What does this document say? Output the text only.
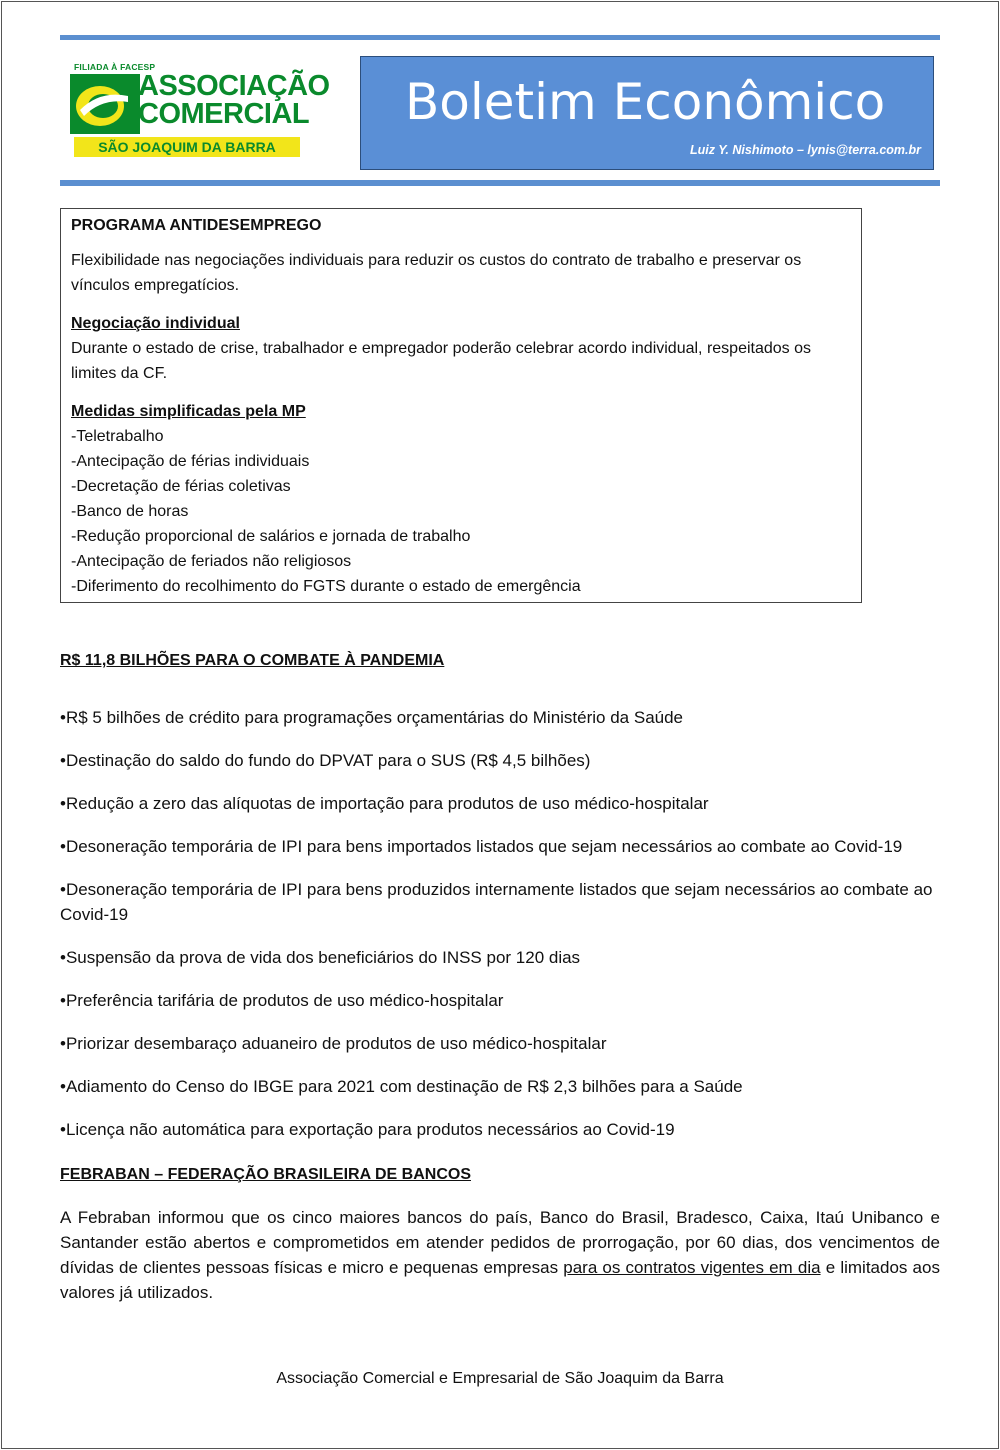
FILIADA À FACESP
ASSOCIAÇÃO
COMERCIAL
SÃO JOAQUIM DA BARRA
Boletim Econômico
Luiz Y. Nishimoto – lynis@terra.com.br

PROGRAMA ANTIDESEMPREGO

Flexibilidade nas negociações individuais para reduzir os custos do contrato de trabalho e preservar os vínculos empregatícios.

Negociação individual

Durante o estado de crise, trabalhador e empregador poderão celebrar acordo individual, respeitados os limites da CF.

Medidas simplificadas pela MP

-Teletrabalho

-Antecipação de férias individuais

-Decretação de férias coletivas

-Banco de horas

-Redução proporcional de salários e jornada de trabalho

-Antecipação de feriados não religiosos

-Diferimento do recolhimento do FGTS durante o estado de emergência

R$ 11,8 BILHÕES PARA O COMBATE À PANDEMIA

•R$ 5 bilhões de crédito para programações orçamentárias do Ministério da Saúde

•Destinação do saldo do fundo do DPVAT para o SUS (R$ 4,5 bilhões)

•Redução a zero das alíquotas de importação para produtos de uso médico-hospitalar

•Desoneração temporária de IPI para bens importados listados que sejam necessários ao combate ao Covid-19

•Desoneração temporária de IPI para bens produzidos internamente listados que sejam necessários ao combate ao Covid-19

•Suspensão da prova de vida dos beneficiários do INSS por 120 dias

•Preferência tarifária de produtos de uso médico-hospitalar

•Priorizar desembaraço aduaneiro de produtos de uso médico-hospitalar

•Adiamento do Censo do IBGE para 2021 com destinação de R$ 2,3 bilhões para a Saúde

•Licença não automática para exportação para produtos necessários ao Covid-19

FEBRABAN – FEDERAÇÃO BRASILEIRA DE BANCOS

A Febraban informou que os cinco maiores bancos do país, Banco do Brasil, Bradesco, Caixa, Itaú Unibanco e Santander estão abertos e comprometidos em atender pedidos de prorrogação, por 60 dias, dos vencimentos de dívidas de clientes pessoas físicas e micro e pequenas empresas para os contratos vigentes em dia e limitados aos valores já utilizados.

Associação Comercial e Empresarial de São Joaquim da Barra
